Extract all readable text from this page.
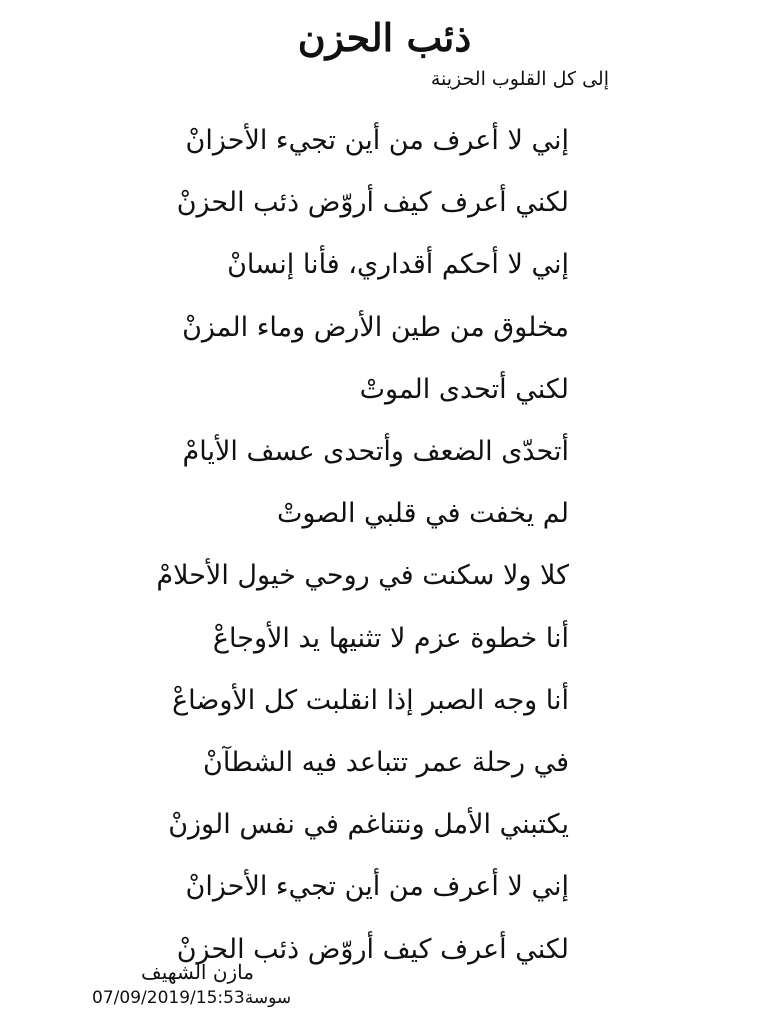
ذئب الحزن

إلى كل القلوب الحزينة

إني لا أعرف من أين تجيء الأحزانْ
لكني أعرف كيف أروّض ذئب الحزنْ
إني لا أحكم أقداري، فأنا إنسانْ
مخلوق من طين الأرض وماء المزنْ
لكني أتحدى الموتْ
أتحدّى الضعف وأتحدى عسف الأيامْ
لم يخفت في قلبي الصوتْ
كلا ولا سكنت في روحي خيول الأحلامْ
أنا خطوة عزم لا تثنيها يد الأوجاعْ
أنا وجه الصبر إذا انقلبت كل الأوضاعْ
في رحلة عمر تتباعد فيه الشطآنْ
يكتبني الأمل ونتناغم في نفس الوزنْ
إني لا أعرف من أين تجيء الأحزانْ
لكني أعرف كيف أروّض ذئب الحزنْ

مازن الشهيف

07/09/2019/15:53سوسة
